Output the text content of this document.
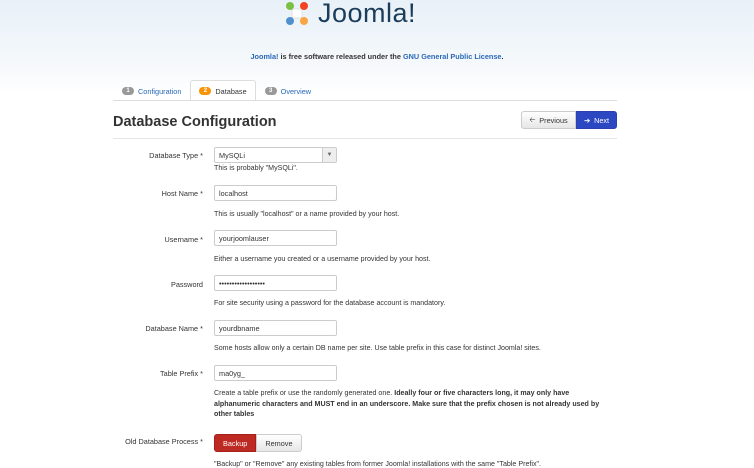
Joomla!
Joomla! is free software released under the GNU General Public License.
1	Configuration	2	Database	3	Overview
Database Configuration	🡠 Previous ➔ Next
Database Type * MySQLi	▼
This is probably "MySQLi".
Host Name *	localhost
This is usually "localhost" or a name provided by your host.
Username *	yourjoomlauser
Either a username you created or a username provided by your host.
Password	••••••••••••••••••
For site security using a password for the database account is mandatory.
Database Name *	yourdbname
Some hosts allow only a certain DB name per site. Use table prefix in this case for distinct Joomla! sites.
Table Prefix *	ma0yg_
Create a table prefix or use the randomly generated one. Ideally four or five characters long, it may only have alphanumeric characters and MUST end in an underscore. Make sure that the prefix chosen is not already used by other tables
Old Database Process *	Backup	Remove
"Backup" or "Remove" any existing tables from former Joomla! installations with the same "Table Prefix".
